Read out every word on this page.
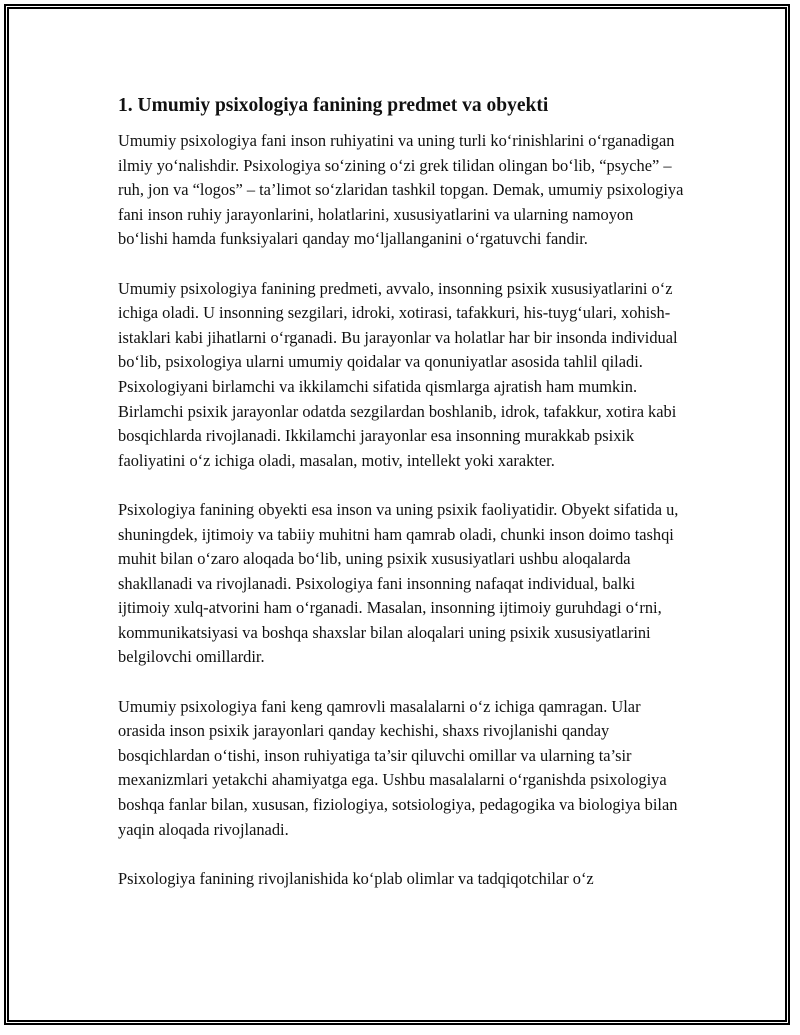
1. Umumiy psixologiya fanining predmet va obyekti

Umumiy psixologiya fani inson ruhiyatini va uning turli ko‘rinishlarini o‘rganadigan ilmiy yo‘nalishdir. Psixologiya so‘zining o‘zi grek tilidan olingan bo‘lib, “psyche” – ruh, jon va “logos” – ta’limot so‘zlaridan tashkil topgan. Demak, umumiy psixologiya fani inson ruhiy jarayonlarini, holatlarini, xususiyatlarini va ularning namoyon bo‘lishi hamda funksiyalari qanday mo‘ljallanganini o‘rgatuvchi fandir.

Umumiy psixologiya fanining predmeti, avvalo, insonning psixik xususiyatlarini o‘z ichiga oladi. U insonning sezgilari, idroki, xotirasi, tafakkuri, his-tuyg‘ulari, xohish-istaklari kabi jihatlarni o‘rganadi. Bu jarayonlar va holatlar har bir insonda individual bo‘lib, psixologiya ularni umumiy qoidalar va qonuniyatlar asosida tahlil qiladi. Psixologiyani birlamchi va ikkilamchi sifatida qismlarga ajratish ham mumkin. Birlamchi psixik jarayonlar odatda sezgilardan boshlanib, idrok, tafakkur, xotira kabi bosqichlarda rivojlanadi. Ikkilamchi jarayonlar esa insonning murakkab psixik faoliyatini o‘z ichiga oladi, masalan, motiv, intellekt yoki xarakter.

Psixologiya fanining obyekti esa inson va uning psixik faoliyatidir. Obyekt sifatida u, shuningdek, ijtimoiy va tabiiy muhitni ham qamrab oladi, chunki inson doimo tashqi muhit bilan o‘zaro aloqada bo‘lib, uning psixik xususiyatlari ushbu aloqalarda shakllanadi va rivojlanadi. Psixologiya fani insonning nafaqat individual, balki ijtimoiy xulq-atvorini ham o‘rganadi. Masalan, insonning ijtimoiy guruhdagi o‘rni, kommunikatsiyasi va boshqa shaxslar bilan aloqalari uning psixik xususiyatlarini belgilovchi omillardir.

Umumiy psixologiya fani keng qamrovli masalalarni o‘z ichiga qamragan. Ular orasida inson psixik jarayonlari qanday kechishi, shaxs rivojlanishi qanday bosqichlardan o‘tishi, inson ruhiyatiga ta’sir qiluvchi omillar va ularning ta’sir mexanizmlari yetakchi ahamiyatga ega. Ushbu masalalarni o‘rganishda psixologiya boshqa fanlar bilan, xususan, fiziologiya, sotsiologiya, pedagogika va biologiya bilan yaqin aloqada rivojlanadi.

Psixologiya fanining rivojlanishida ko‘plab olimlar va tadqiqotchilar o‘z
